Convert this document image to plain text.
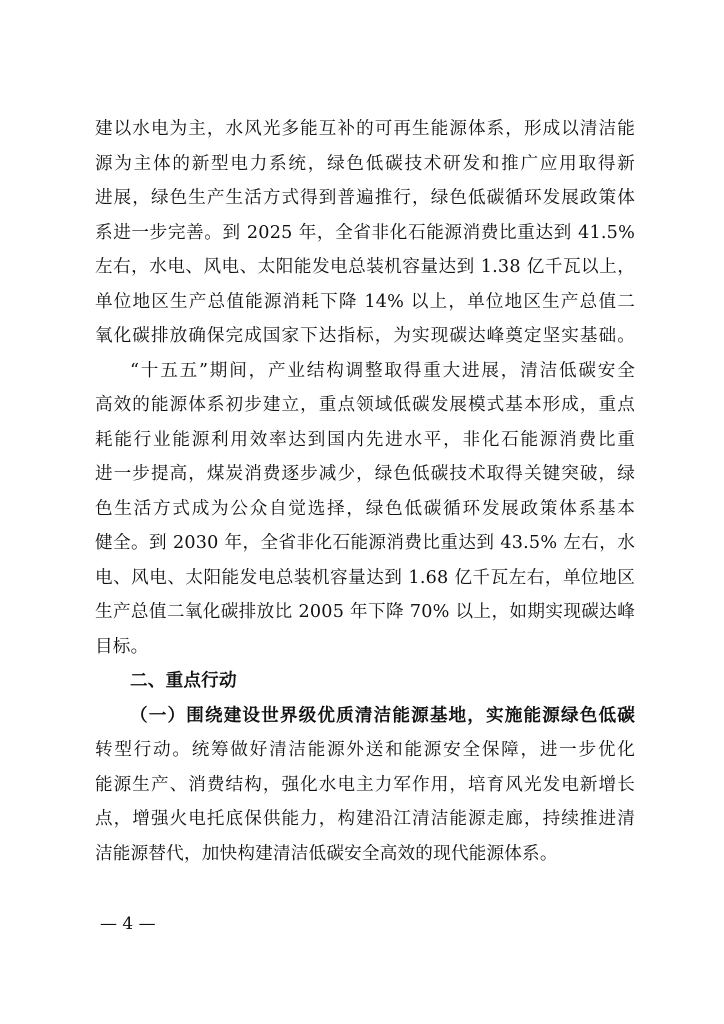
建以水电为主，水风光多能互补的可再生能源体系，形成以清洁能
源为主体的新型电力系统，绿色低碳技术研发和推广应用取得新
进展，绿色生产生活方式得到普遍推行，绿色低碳循环发展政策体
系进一步完善。到 2025 年，全省非化石能源消费比重达到 41.5%
左右，水电、风电、太阳能发电总装机容量达到 1.38 亿千瓦以上，
单位地区生产总值能源消耗下降 14% 以上，单位地区生产总值二
氧化碳排放确保完成国家下达指标，为实现碳达峰奠定坚实基础。
“十五五”期间，产业结构调整取得重大进展，清洁低碳安全
高效的能源体系初步建立，重点领域低碳发展模式基本形成，重点
耗能行业能源利用效率达到国内先进水平，非化石能源消费比重
进一步提高，煤炭消费逐步减少，绿色低碳技术取得关键突破，绿
色生活方式成为公众自觉选择，绿色低碳循环发展政策体系基本
健全。到 2030 年，全省非化石能源消费比重达到 43.5% 左右，水
电、风电、太阳能发电总装机容量达到 1.68 亿千瓦左右，单位地区
生产总值二氧化碳排放比 2005 年下降 70% 以上，如期实现碳达峰
目标。
二、重点行动
（一）围绕建设世界级优质清洁能源基地，实施能源绿色低碳
转型行动。统筹做好清洁能源外送和能源安全保障，进一步优化
能源生产、消费结构，强化水电主力军作用，培育风光发电新增长
点，增强火电托底保供能力，构建沿江清洁能源走廊，持续推进清
洁能源替代，加快构建清洁低碳安全高效的现代能源体系。
— 4 —
